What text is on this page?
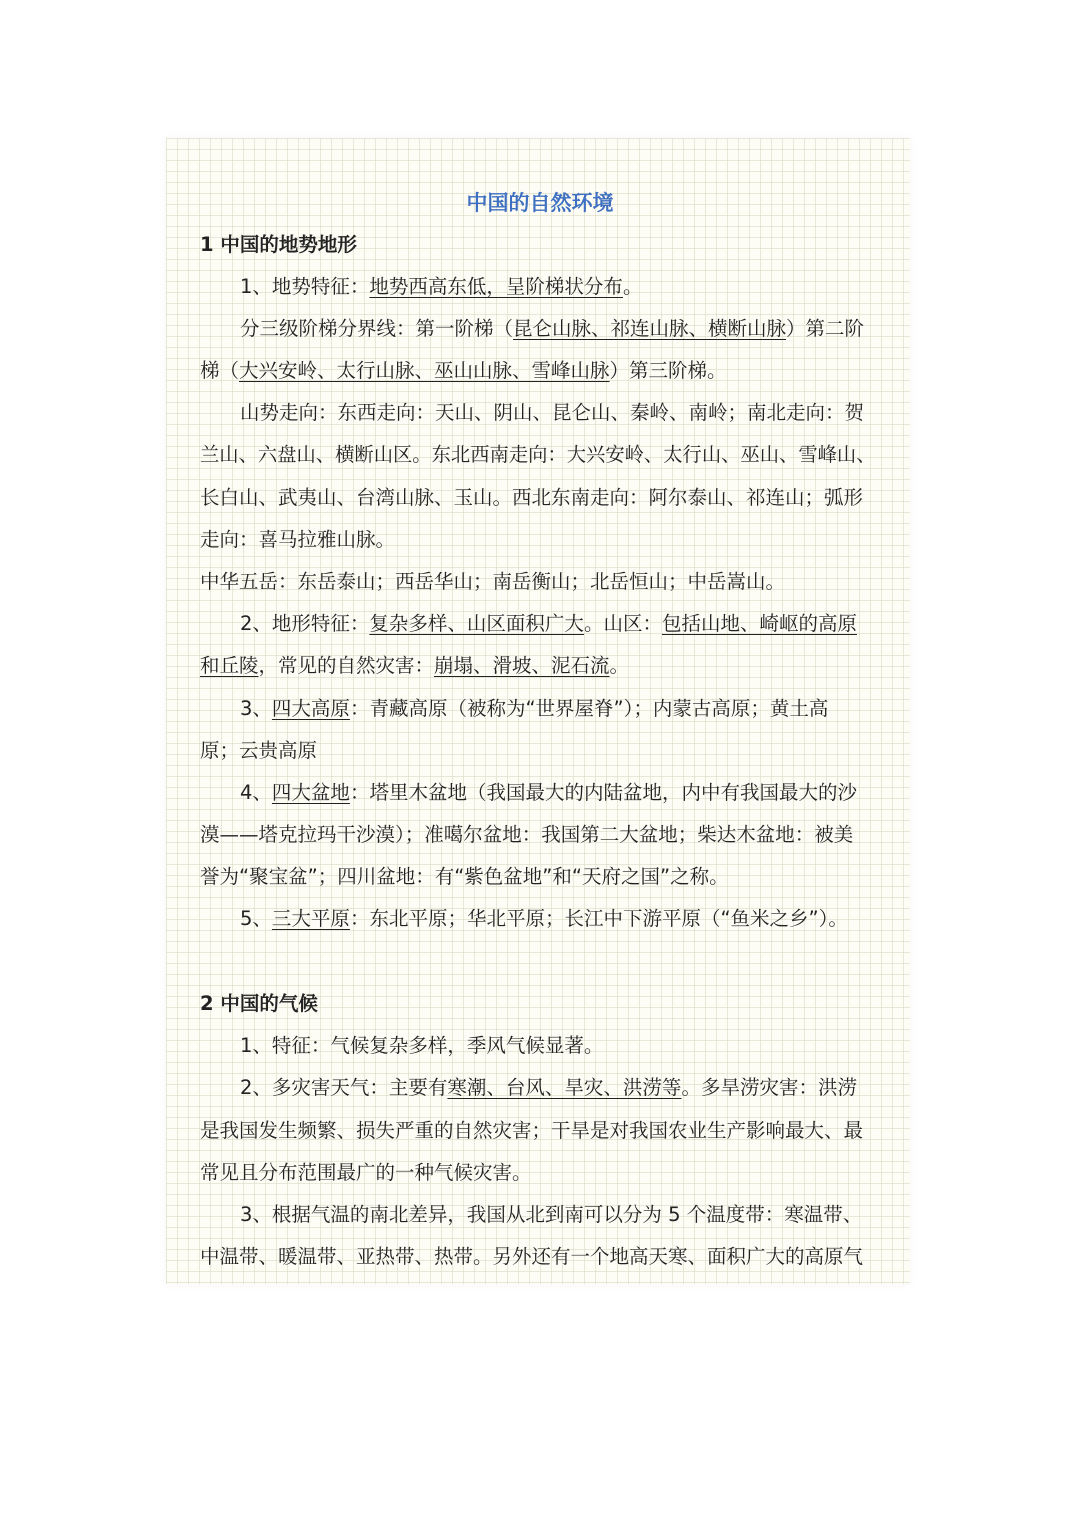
中国的自然环境
1 中国的地势地形
1、地势特征：地势西高东低，呈阶梯状分布。
分三级阶梯分界线：第一阶梯（昆仑山脉、祁连山脉、横断山脉）第二阶
梯（大兴安岭、太行山脉、巫山山脉、雪峰山脉）第三阶梯。
山势走向：东西走向：天山、阴山、昆仑山、秦岭、南岭；南北走向：贺
兰山、六盘山、横断山区。东北西南走向：大兴安岭、太行山、巫山、雪峰山、
长白山、武夷山、台湾山脉、玉山。西北东南走向：阿尔泰山、祁连山；弧形
走向：喜马拉雅山脉。
中华五岳：东岳泰山；西岳华山；南岳衡山；北岳恒山；中岳嵩山。
2、地形特征：复杂多样、山区面积广大。山区：包括山地、崎岖的高原
和丘陵，常见的自然灾害：崩塌、滑坡、泥石流。
3、四大高原：青藏高原（被称为“世界屋脊”）；内蒙古高原；黄土高
原；云贵高原
4、四大盆地：塔里木盆地（我国最大的内陆盆地，内中有我国最大的沙
漠——塔克拉玛干沙漠）；准噶尔盆地：我国第二大盆地；柴达木盆地：被美
誉为“聚宝盆”；四川盆地：有“紫色盆地”和“天府之国”之称。
5、三大平原：东北平原；华北平原；长江中下游平原（“鱼米之乡”）。
2 中国的气候
1、特征：气候复杂多样，季风气候显著。
2、多灾害天气：主要有寒潮、台风、旱灾、洪涝等。多旱涝灾害：洪涝
是我国发生频繁、损失严重的自然灾害；干旱是对我国农业生产影响最大、最
常见且分布范围最广的一种气候灾害。
3、根据气温的南北差异，我国从北到南可以分为 5 个温度带：寒温带、
中温带、暖温带、亚热带、热带。另外还有一个地高天寒、面积广大的高原气
